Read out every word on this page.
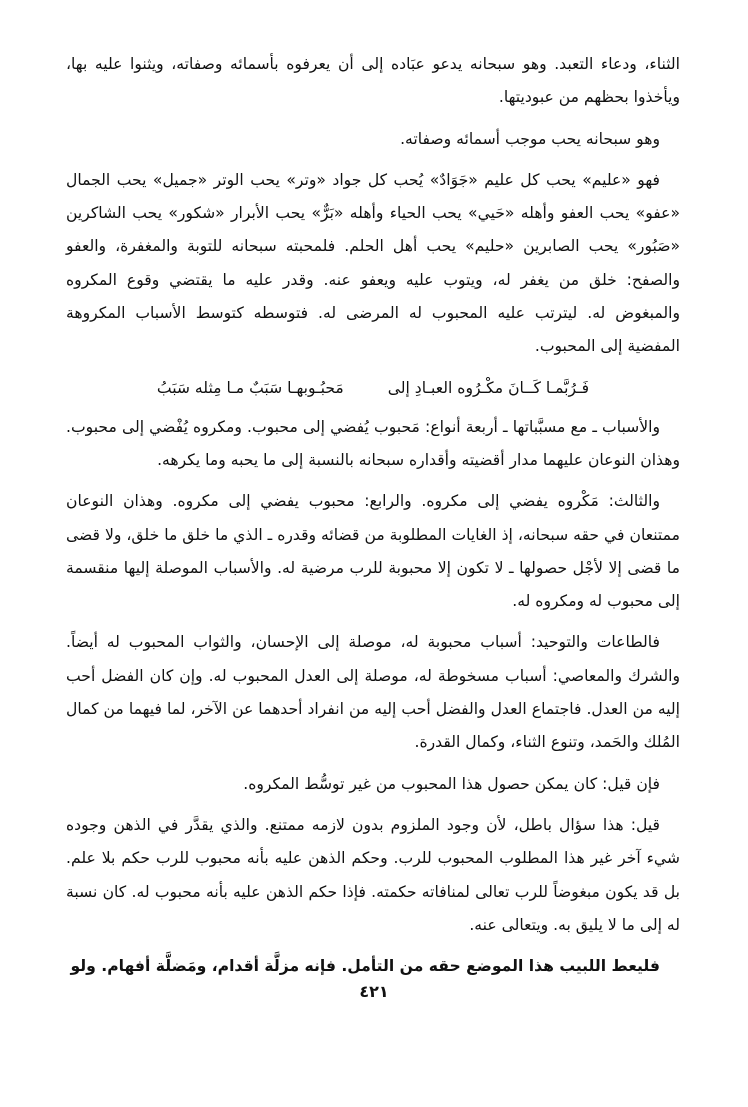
الثناء، ودعاء التعبد. وهو سبحانه يدعو عبَاده إلى أن يعرفوه بأسمائه وصفاته، ويثنوا عليه بها، ويأخذوا بحظهم من عبوديتها.

وهو سبحانه يحب موجب أسمائه وصفاته.

فهو «عليم» يحب كل عليم «جَوَادٌ» يُحب كل جواد «وتر» يحب الوتر «جميل» يحب الجمال «عفو» يحب العفو وأهله «حَيي» يحب الحياء وأهله «بَرٌّ» يحب الأبرار «شكور» يحب الشاكرين «صَبُور» يحب الصابرين «حليم» يحب أهل الحلم. فلمحبته سبحانه للتوبة والمغفرة، والعفو والصفح: خلق من يغفر له، ويتوب عليه ويعفو عنه. وقدر عليه ما يقتضي وقوع المكروه والمبغوض له. ليترتب عليه المحبوب له المرضى له. فتوسطه كتوسط الأسباب المكروهة المفضية إلى المحبوب.

فَـرُبَّمـا كَــانَ مكْـرُوه العبـادِ إلى
مَحبُـوبهـا سَبَبٌ مـا مِثله سَبَبُ

والأسباب ـ مع مسبَّباتها ـ أربعة أنواع: مَحبوب يُفضي إلى محبوب. ومكروه يُفْضي إلى محبوب. وهذان النوعان عليهما مدار أقضيته وأقداره سبحانه بالنسبة إلى ما يحبه وما يكرهه.

والثالث: مَكْروه يفضي إلى مكروه. والرابع: محبوب يفضي إلى مكروه. وهذان النوعان ممتنعان في حقه سبحانه، إذ الغايات المطلوبة من قضائه وقدره ـ الذي ما خلق ما خلق، ولا قضى ما قضى إلا لأجْل حصولها ـ لا تكون إلا محبوبة للرب مرضية له. والأسباب الموصلة إليها منقسمة إلى محبوب له ومكروه له.

فالطاعات والتوحيد: أسباب محبوبة له، موصلة إلى الإحسان، والثواب المحبوب له أيضاً. والشرك والمعاصي: أسباب مسخوطة له، موصلة إلى العدل المحبوب له. وإن كان الفضل أحب إليه من العدل. فاجتماع العدل والفضل أحب إليه من انفراد أحدهما عن الآخر، لما فيهما من كمال المُلك والحَمد، وتنوع الثناء، وكمال القدرة.

فإن قيل: كان يمكن حصول هذا المحبوب من غير توسُّط المكروه.

قيل: هذا سؤال باطل، لأن وجود الملزوم بدون لازمه ممتنع. والذي يقدَّر في الذهن وجوده شيء آخر غير هذا المطلوب المحبوب للرب. وحكم الذهن عليه بأنه محبوب للرب حكم بلا علم. بل قد يكون مبغوضاً للرب تعالى لمنافاته حكمته. فإذا حكم الذهن عليه بأنه محبوب له. كان نسبة له إلى ما لا يليق به. ويتعالى عنه.

فليعط اللبيب هذا الموضع حقه من التأمل. فإنه مزلَّة أقدام، ومَضلَّة أفهام. ولو

٤٢١
